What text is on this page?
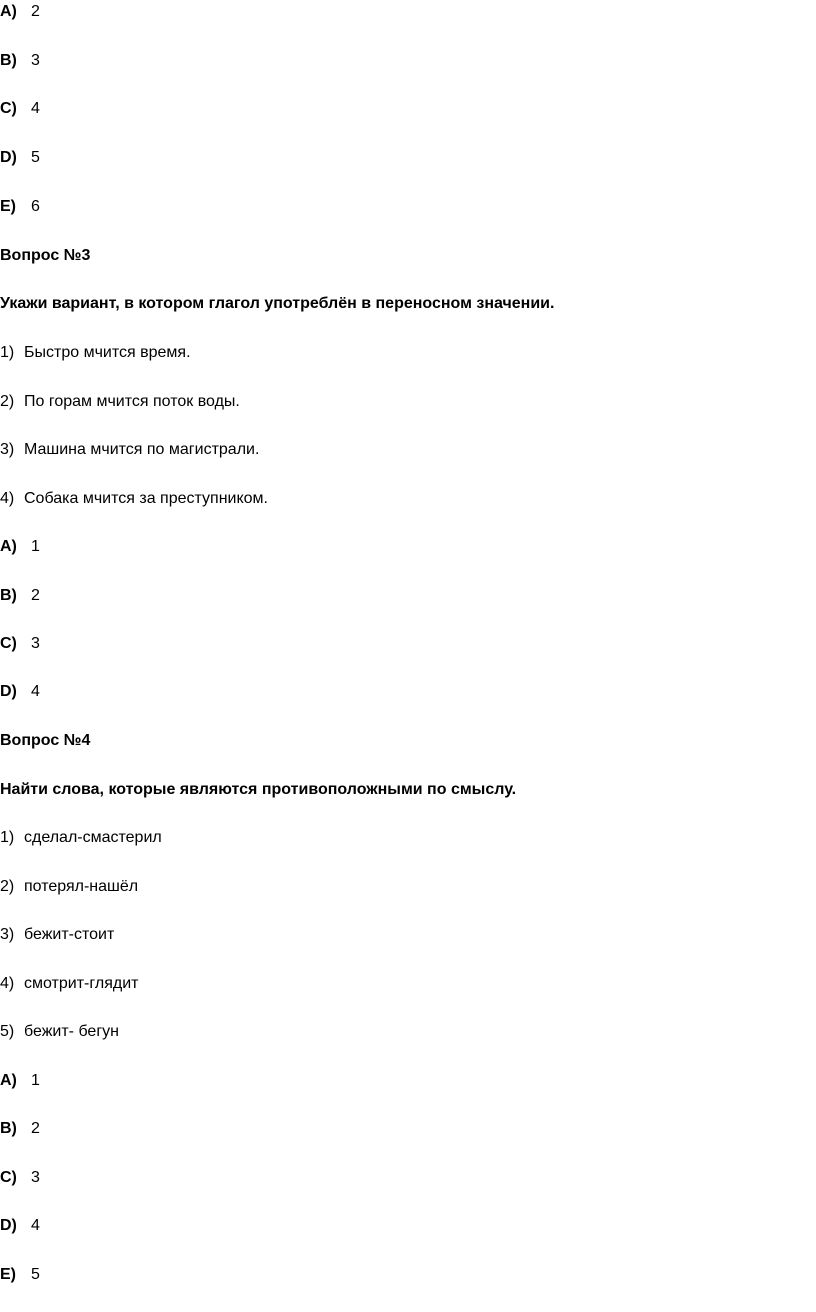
A) 2
B) 3
C) 4
D) 5
E) 6
Вопрос №3
Укажи вариант, в котором глагол употреблён в переносном значении.
1) Быстро мчится время.
2) По горам мчится поток воды.
3) Машина мчится по магистрали.
4) Собака мчится за преступником.
A) 1
B) 2
C) 3
D) 4
Вопрос №4
Найти слова, которые являются противоположными по смыслу.
1) сделал-смастерил
2) потерял-нашёл
3) бежит-стоит
4) смотрит-глядит
5) бежит- бегун
A) 1
B) 2
C) 3
D) 4
E) 5
